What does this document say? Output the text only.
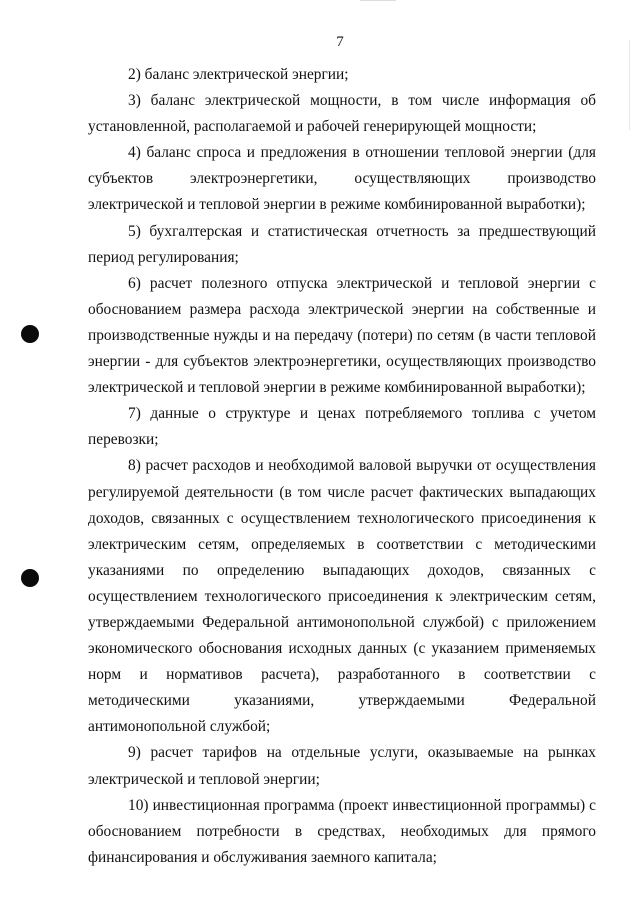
7

2) баланс электрической энергии;

3) баланс электрической мощности, в том числе информация об установленной, располагаемой и рабочей генерирующей мощности;

4) баланс спроса и предложения в отношении тепловой энергии (для субъектов электроэнергетики, осуществляющих производство электрической и тепловой энергии в режиме комбинированной выработки);

5) бухгалтерская и статистическая отчетность за предшествующий период регулирования;

6) расчет полезного отпуска электрической и тепловой энергии с обоснованием размера расхода электрической энергии на собственные и производственные нужды и на передачу (потери) по сетям (в части тепловой энергии - для субъектов электроэнергетики, осуществляющих производство электрической и тепловой энергии в режиме комбинированной выработки);

7) данные о структуре и ценах потребляемого топлива с учетом перевозки;

8) расчет расходов и необходимой валовой выручки от осуществления регулируемой деятельности (в том числе расчет фактических выпадающих доходов, связанных с осуществлением технологического присоединения к электрическим сетям, определяемых в соответствии с методическими указаниями по определению выпадающих доходов, связанных с осуществлением технологического присоединения к электрическим сетям, утверждаемыми Федеральной антимонопольной службой) с приложением экономического обоснования исходных данных (с указанием применяемых норм и нормативов расчета), разработанного в соответствии с методическими указаниями, утверждаемыми Федеральной антимонопольной службой;

9) расчет тарифов на отдельные услуги, оказываемые на рынках электрической и тепловой энергии;

10) инвестиционная программа (проект инвестиционной программы) с обоснованием потребности в средствах, необходимых для прямого финансирования и обслуживания заемного капитала;
